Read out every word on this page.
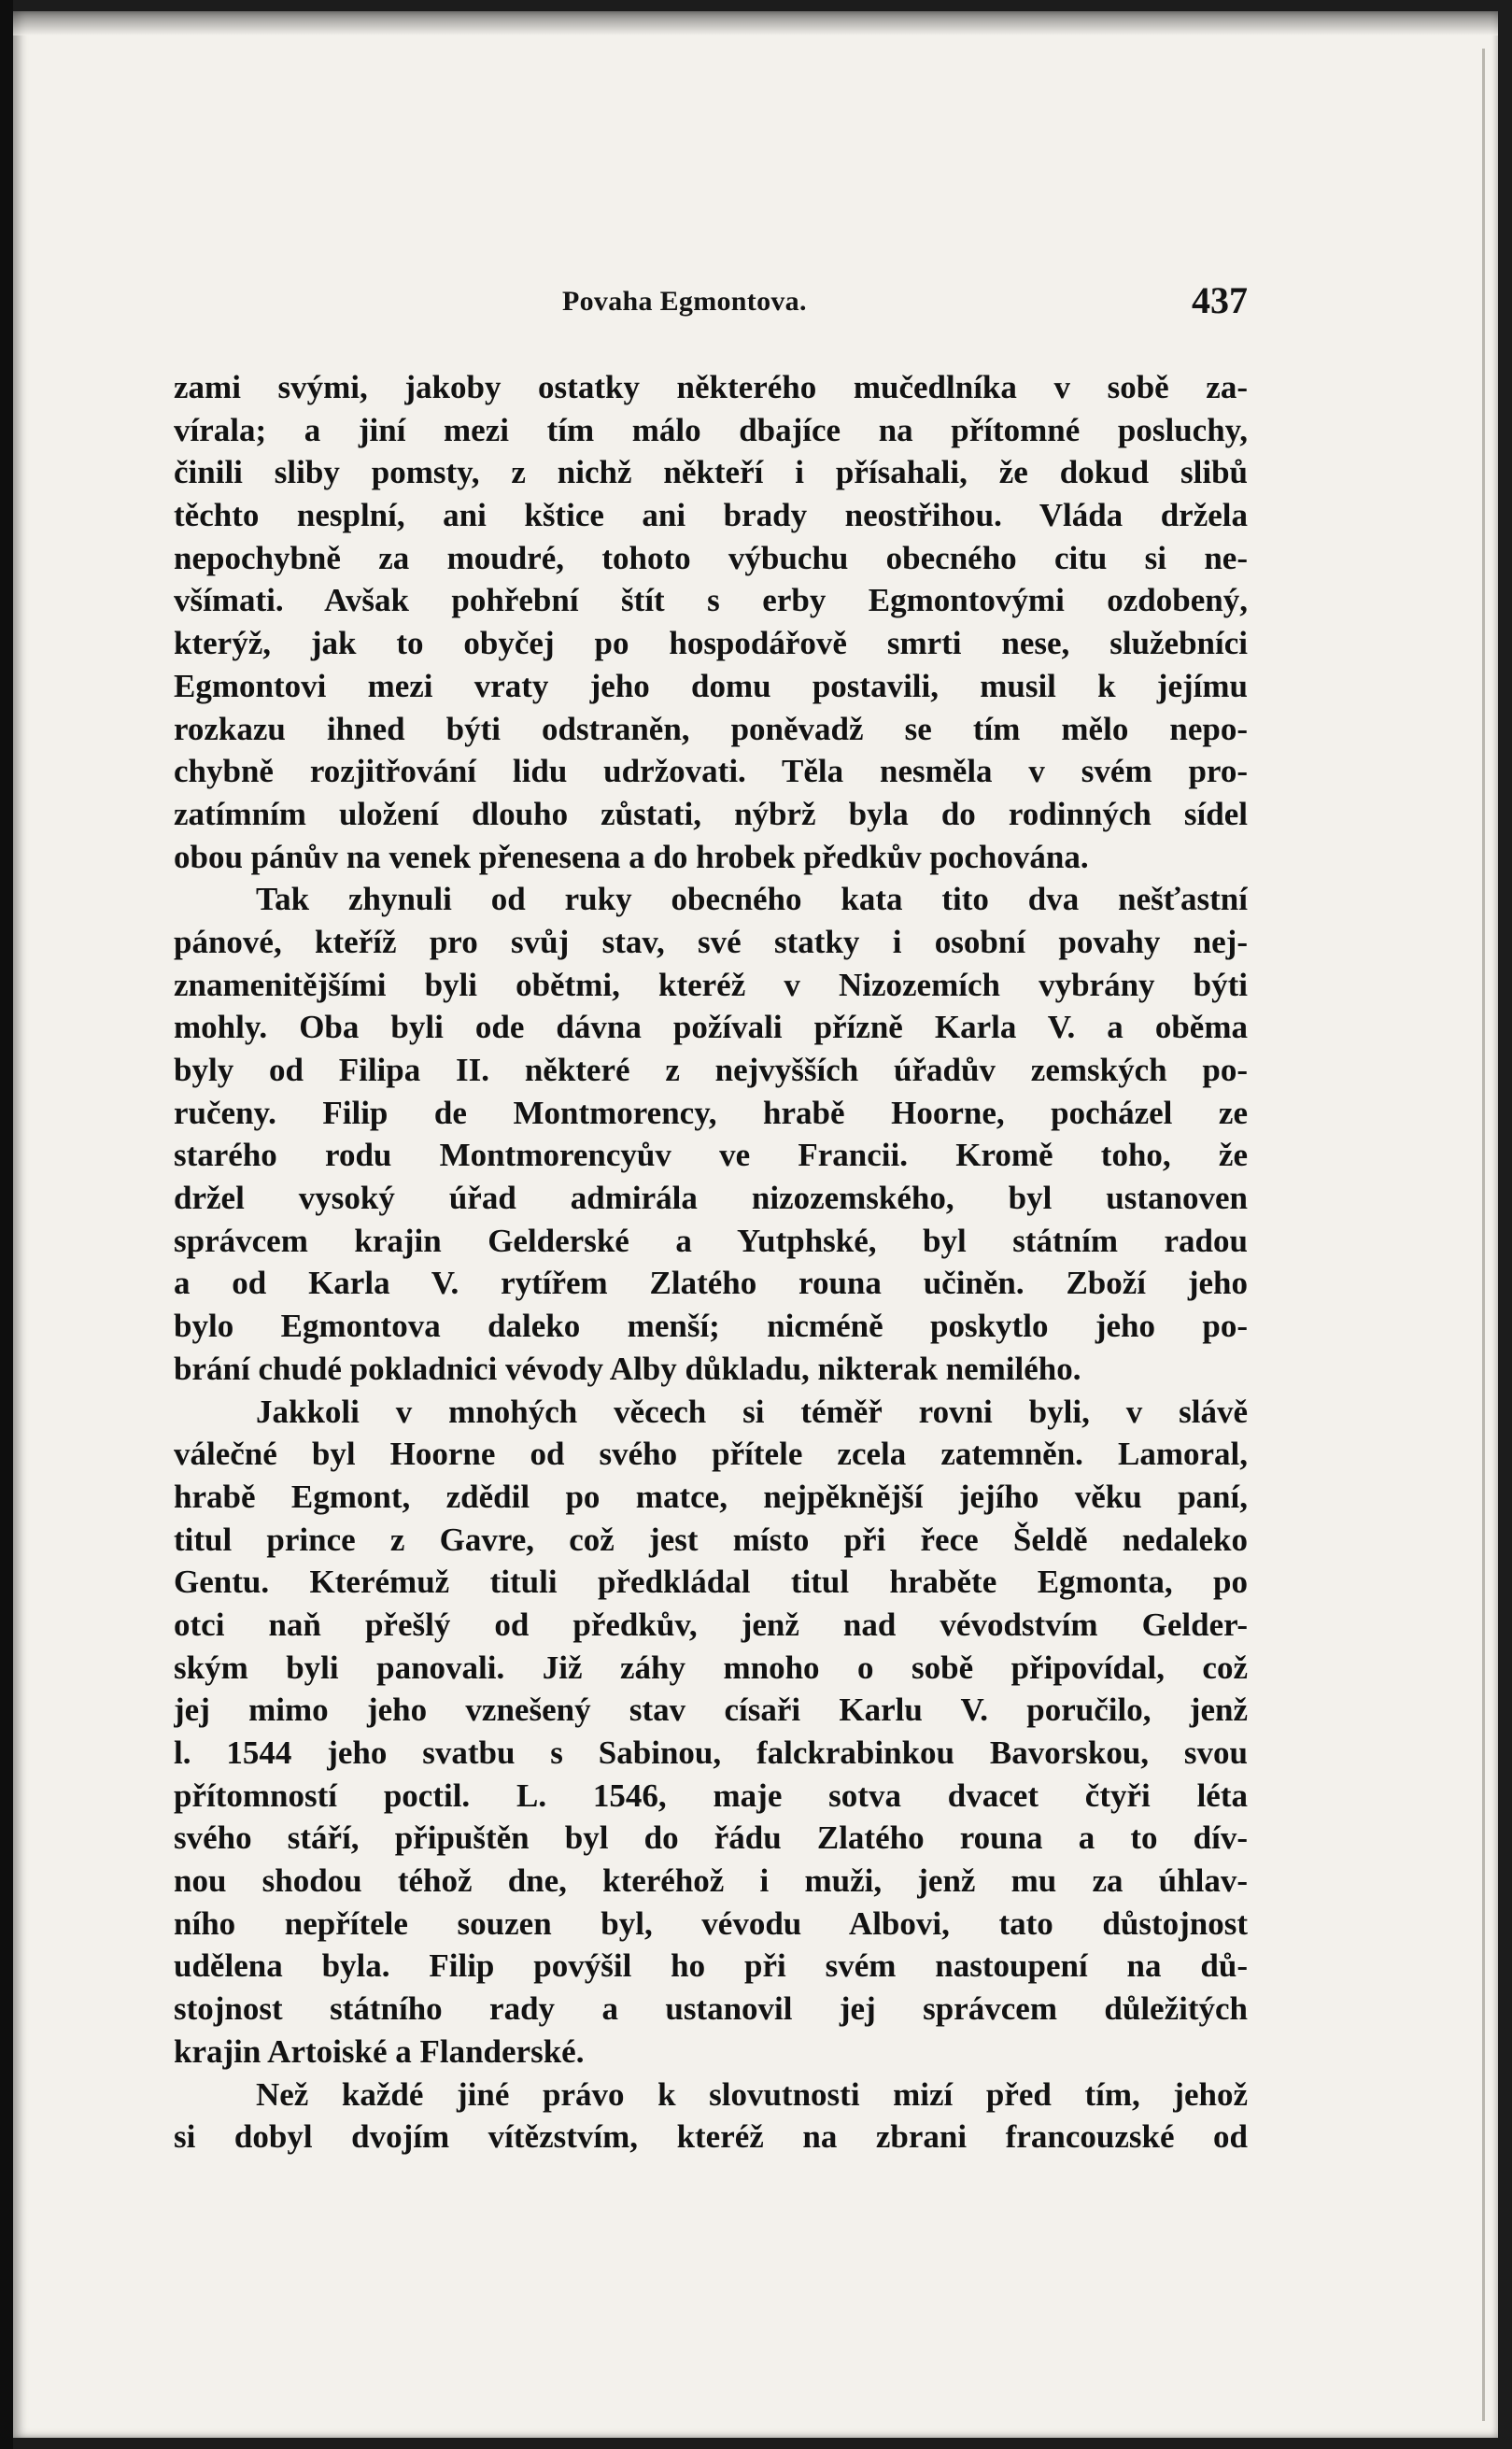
Povaha Egmontova.	437
zami svými, jakoby ostatky některého mučedlníka v sobě za-
vírala; a jiní mezi tím málo dbajíce na přítomné posluchy,
činili sliby pomsty, z nichž někteří i přísahali, že dokud slibů
těchto nesplní, ani kštice ani brady neostřihou. Vláda držela
nepochybně za moudré, tohoto výbuchu obecného citu si ne-
všímati. Avšak pohřební štít s erby Egmontovými ozdobený,
kterýž, jak to obyčej po hospodářově smrti nese, služebníci
Egmontovi mezi vraty jeho domu postavili, musil k jejímu
rozkazu ihned býti odstraněn, poněvadž se tím mělo nepo-
chybně rozjitřování lidu udržovati. Těla nesměla v svém pro-
zatímním uložení dlouho zůstati, nýbrž byla do rodinných sídel
obou pánův na venek přenesena a do hrobek předkův pochována.
Tak zhynuli od ruky obecného kata tito dva nešťastní
pánové, kteříž pro svůj stav, své statky i osobní povahy nej-
znamenitějšími byli obětmi, kteréž v Nizozemích vybrány býti
mohly. Oba byli ode dávna požívali přízně Karla V. a oběma
byly od Filipa II. některé z nejvyšších úřadův zemských po-
ručeny. Filip de Montmorency, hrabě Hoorne, pocházel ze
starého rodu Montmorencyův ve Francii. Kromě toho, že
držel vysoký úřad admirála nizozemského, byl ustanoven
správcem krajin Gelderské a Yutphské, byl státním radou
a od Karla V. rytířem Zlatého rouna učiněn. Zboží jeho
bylo Egmontova daleko menší; nicméně poskytlo jeho po-
brání chudé pokladnici vévody Alby důkladu, nikterak nemilého.
Jakkoli v mnohých věcech si téměř rovni byli, v slávě
válečné byl Hoorne od svého přítele zcela zatemněn. Lamoral,
hrabě Egmont, zdědil po matce, nejpěknější jejího věku paní,
titul prince z Gavre, což jest místo při řece Šeldě nedaleko
Gentu. Kterémuž tituli předkládal titul hraběte Egmonta, po
otci naň přešlý od předkův, jenž nad vévodstvím Gelder-
ským byli panovali. Již záhy mnoho o sobě připovídal, což
jej mimo jeho vznešený stav císaři Karlu V. poručilo, jenž
l. 1544 jeho svatbu s Sabinou, falckrabinkou Bavorskou, svou
přítomností poctil. L. 1546, maje sotva dvacet čtyři léta
svého stáří, připuštěn byl do řádu Zlatého rouna a to dív-
nou shodou téhož dne, kteréhož i muži, jenž mu za úhlav-
ního nepřítele souzen byl, vévodu Albovi, tato důstojnost
udělena byla. Filip povýšil ho při svém nastoupení na dů-
stojnost státního rady a ustanovil jej správcem důležitých
krajin Artoiské a Flanderské.
Než každé jiné právo k slovutnosti mizí před tím, jehož
si dobyl dvojím vítězstvím, kteréž na zbrani francouzské od
